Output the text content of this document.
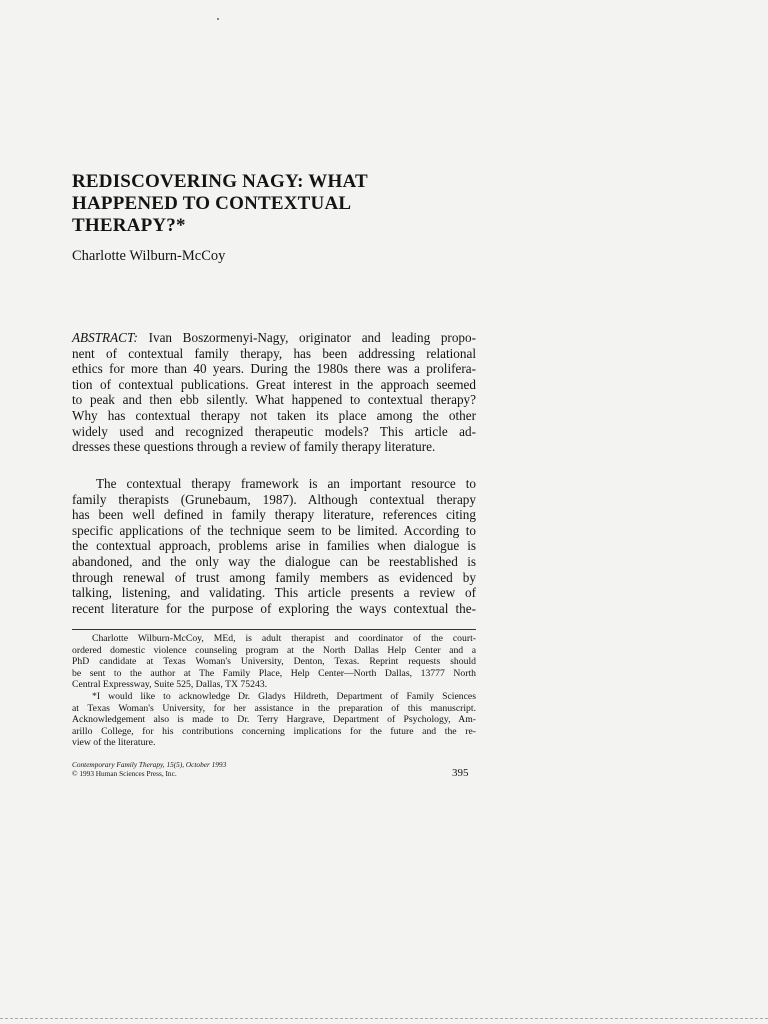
REDISCOVERING NAGY: WHAT
HAPPENED TO CONTEXTUAL
THERAPY?*
Charlotte Wilburn-McCoy
ABSTRACT: Ivan Boszormenyi-Nagy, originator and leading propo-
nent of contextual family therapy, has been addressing relational
ethics for more than 40 years. During the 1980s there was a prolifera-
tion of contextual publications. Great interest in the approach seemed
to peak and then ebb silently. What happened to contextual therapy?
Why has contextual therapy not taken its place among the other
widely used and recognized therapeutic models? This article ad-
dresses these questions through a review of family therapy literature.
The contextual therapy framework is an important resource to
family therapists (Grunebaum, 1987). Although contextual therapy
has been well defined in family therapy literature, references citing
specific applications of the technique seem to be limited. According to
the contextual approach, problems arise in families when dialogue is
abandoned, and the only way the dialogue can be reestablished is
through renewal of trust among family members as evidenced by
talking, listening, and validating. This article presents a review of
recent literature for the purpose of exploring the ways contextual the-
Charlotte Wilburn-McCoy, MEd, is adult therapist and coordinator of the court-
ordered domestic violence counseling program at the North Dallas Help Center and a
PhD candidate at Texas Woman's University, Denton, Texas. Reprint requests should
be sent to the author at The Family Place, Help Center—North Dallas, 13777 North
Central Expressway, Suite 525, Dallas, TX 75243.
*I would like to acknowledge Dr. Gladys Hildreth, Department of Family Sciences
at Texas Woman's University, for her assistance in the preparation of this manuscript.
Acknowledgement also is made to Dr. Terry Hargrave, Department of Psychology, Am-
arillo College, for his contributions concerning implications for the future and the re-
view of the literature.
Contemporary Family Therapy, 15(5), October 1993
© 1993 Human Sciences Press, Inc.	395
